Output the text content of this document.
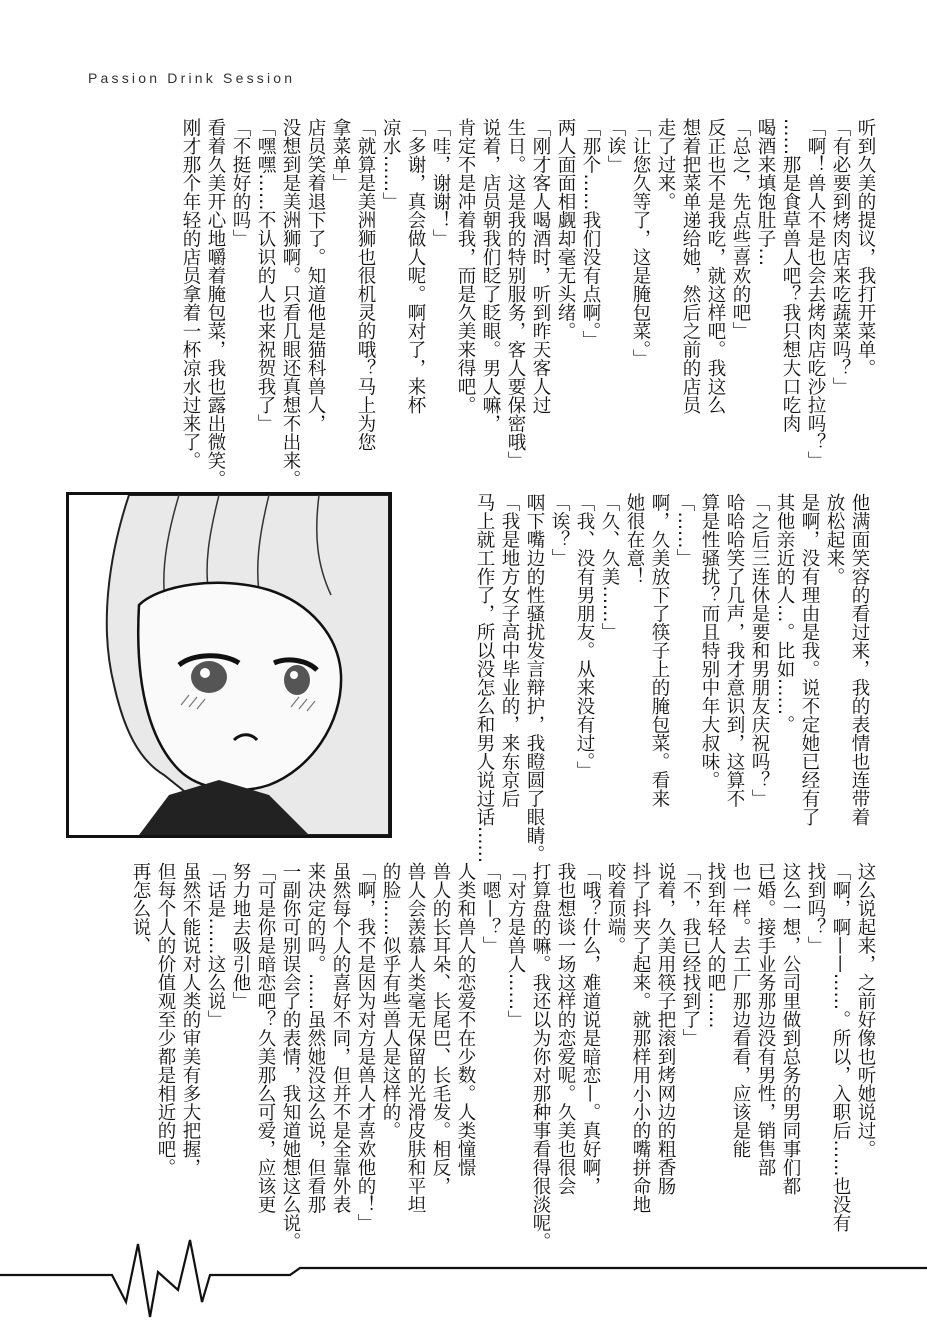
Passion Drink Session
听到久美的提议，我打开菜单。
「有必要到烤肉店来吃蔬菜吗？」
「啊！兽人不是也会去烤肉店吃沙拉吗？」
……那是食草兽人吧？我只想大口吃肉
喝酒来填饱肚子…
「总之，先点些喜欢的吧」
反正也不是我吃，就这样吧。我这么
想着把菜单递给她，然后之前的店员
走了过来。
「让您久等了，这是腌包菜。」
「诶」
「那个……我们没有点啊。」
两人面面相觑却毫无头绪。
「刚才客人喝酒时，听到昨天客人过
生日。这是我的特别服务，客人要保密哦」
说着，店员朝我们眨了眨眼。男人嘛，
肯定不是冲着我，而是久美来得吧。
「哇，谢谢！」
「多谢，真会做人呢。啊对了，来杯
凉水……」
「就算是美洲狮也很机灵的哦？马上为您
拿菜单」
店员笑着退下了。知道他是猫科兽人，
没想到是美洲狮啊。只看几眼还真想不出来。
「嘿嘿……不认识的人也来祝贺我了」
「不挺好的吗」
看着久美开心地嚼着腌包菜，我也露出微笑。
刚才那个年轻的店员拿着一杯凉水过来了。
他满面笑容的看过来，我的表情也连带着
放松起来。
是啊，没有理由是我。说不定她已经有了
其他亲近的人…。比如……。
「之后三连休是要和男朋友庆祝吗？」
哈哈哈笑了几声，我才意识到，这算不
算是性骚扰？而且特别中年大叔味。
「……」
啊，久美放下了筷子上的腌包菜。看来
她很在意！
「久、久美……」
「我、没有男朋友。从来没有过。」
「诶？」
咽下嘴边的性骚扰发言辩护，我瞪圆了眼睛。
「我是地方女子高中毕业的，来东京后
马上就工作了，所以没怎么和男人说过话……
这么说起来，之前好像也听她说过。
「啊，啊——……。所以，入职后……也没有
找到吗？」
这么一想，公司里做到总务的男同事们都
已婚。接手业务那边没有男性，销售部
也一样。去工厂那边看看，应该是能
找到年轻人的吧……
「不，我已经找到了」
说着，久美用筷子把滚到烤网边的粗香肠
抖了抖夹了起来。就那样用小小的嘴拼命地
咬着顶端。
「哦？什么，难道说是暗恋—。真好啊，
我也想谈一场这样的恋爱呢。久美也很会
打算盘的嘛。我还以为你对那种事看得很淡呢。
「对方是兽人……」
「嗯—？」
人类和兽人的恋爱不在少数。人类憧憬
兽人的长耳朵、长尾巴、长毛发。相反，
兽人会羡慕人类毫无保留的光滑皮肤和平坦
的脸……似乎有些兽人是这样的。
「啊，我不是因为对方是兽人才喜欢他的！」
虽然每个人的喜好不同，但并不是全靠外表
来决定的吗。……虽然她没这么说，但看那
一副你可别误会了的表情，我知道她想这么说。
「可是你是暗恋吧？久美那么可爱，应该更
努力地去吸引他」
「话是……这么说」
虽然不能说对人类的审美有多大把握，
但每个人的价值观至少都是相近的吧。
再怎么说、
